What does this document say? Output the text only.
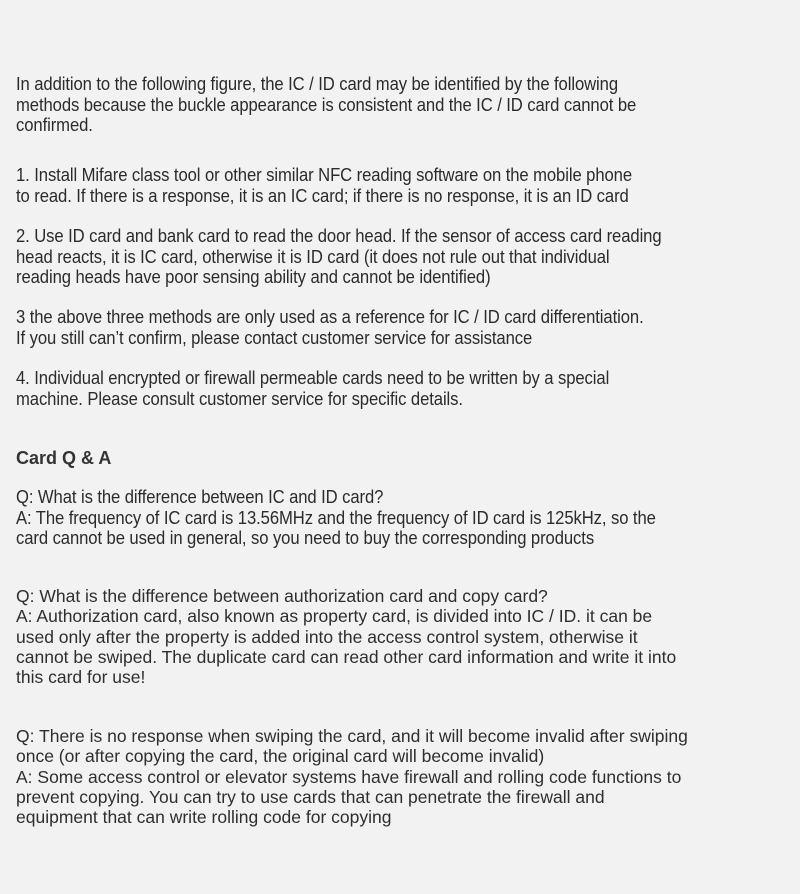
In addition to the following figure, the IC / ID card may be identified by the following
methods because the buckle appearance is consistent and the IC / ID card cannot be
confirmed.
1. Install Mifare class tool or other similar NFC reading software on the mobile phone
to read. If there is a response, it is an IC card; if there is no response, it is an ID card
2. Use ID card and bank card to read the door head. If the sensor of access card reading
head reacts, it is IC card, otherwise it is ID card (it does not rule out that individual
reading heads have poor sensing ability and cannot be identified)
3 the above three methods are only used as a reference for IC / ID card differentiation.
If you still can’t confirm, please contact customer service for assistance
4. Individual encrypted or firewall permeable cards need to be written by a special
machine. Please consult customer service for specific details.
Card Q & A
Q: What is the difference between IC and ID card?
A: The frequency of IC card is 13.56MHz and the frequency of ID card is 125kHz, so the
card cannot be used in general, so you need to buy the corresponding products
Q: What is the difference between authorization card and copy card?
A: Authorization card, also known as property card, is divided into IC / ID. it can be
used only after the property is added into the access control system, otherwise it
cannot be swiped. The duplicate card can read other card information and write it into
this card for use!
Q: There is no response when swiping the card, and it will become invalid after swiping
once (or after copying the card, the original card will become invalid)
A: Some access control or elevator systems have firewall and rolling code functions to
prevent copying. You can try to use cards that can penetrate the firewall and
equipment that can write rolling code for copying
